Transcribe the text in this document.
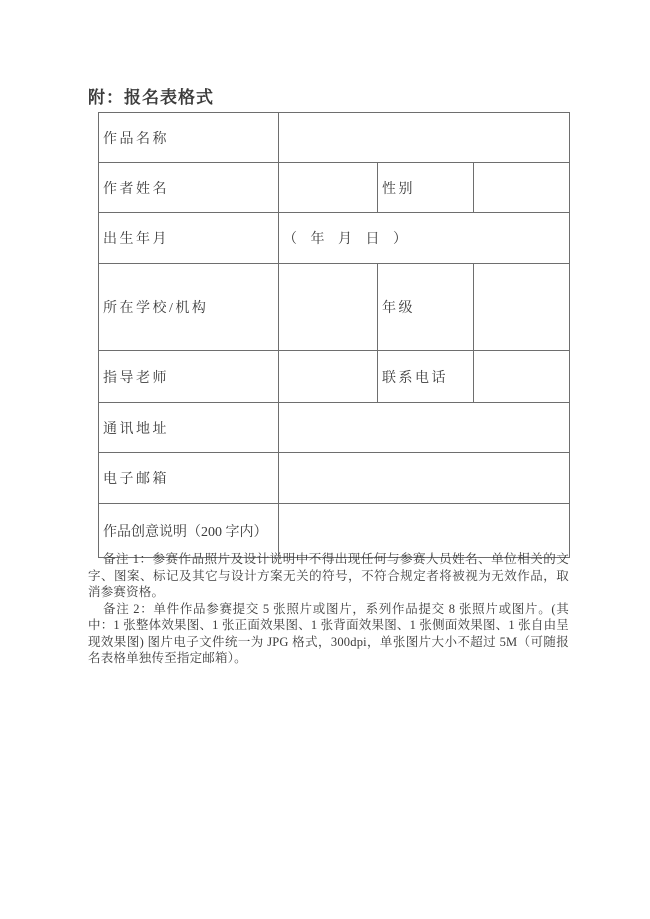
附：报名表格式
作品名称			
作者姓名		性别	
出生年月	（ 年 月 日 ）		
所在学校/机构		年级	
指导老师		联系电话	
通讯地址			
电子邮箱			
作品创意说明（200 字内）			

备注 1：参赛作品照片及设计说明中不得出现任何与参赛人员姓名、单位相关的文字、图案、标记及其它与设计方案无关的符号，不符合规定者将被视为无效作品，取消参赛资格。

备注 2：单件作品参赛提交 5 张照片或图片，系列作品提交 8 张照片或图片。(其中：1 张整体效果图、1 张正面效果图、1 张背面效果图、1 张侧面效果图、1 张自由呈现效果图) 图片电子文件统一为 JPG 格式，300dpi，单张图片大小不超过 5M（可随报名表格单独传至指定邮箱）。
